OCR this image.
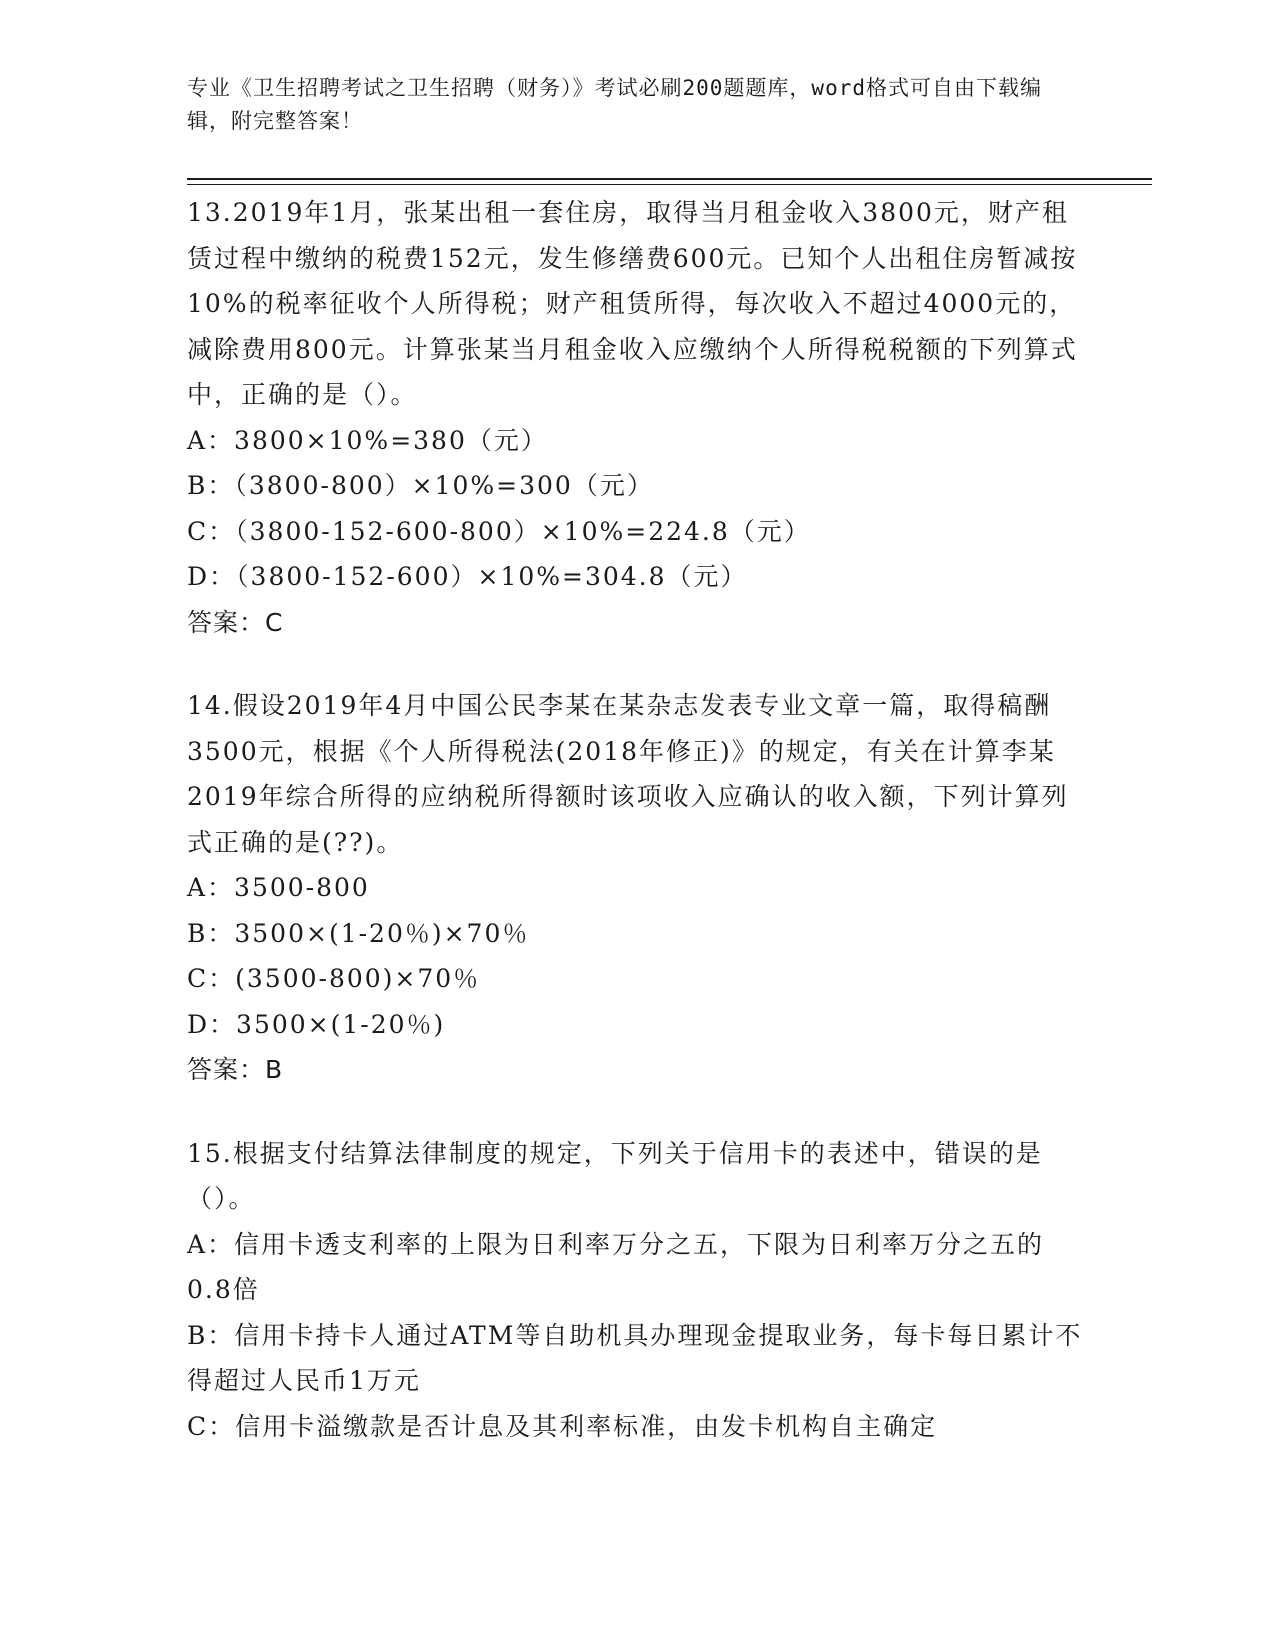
专业《卫生招聘考试之卫生招聘（财务）》考试必刷200题题库，word格式可自由下载编辑，附完整答案！
13.2019年1月，张某出租一套住房，取得当月租金收入3800元，财产租赁过程中缴纳的税费152元，发生修缮费600元。已知个人出租住房暂减按10%的税率征收个人所得税；财产租赁所得，每次收入不超过4000元的，减除费用800元。计算张某当月租金收入应缴纳个人所得税税额的下列算式中，正确的是（）。
A：3800×10%=380（元）
B：（3800-800）×10%=300（元）
C：（3800-152-600-800）×10%=224.8（元）
D：（3800-152-600）×10%=304.8（元）
答案：C
14.假设2019年4月中国公民李某在某杂志发表专业文章一篇，取得稿酬3500元，根据《个人所得税法(2018年修正)》的规定，有关在计算李某2019年综合所得的应纳税所得额时该项收入应确认的收入额，下列计算列式正确的是(??)。
A：3500-800
B：3500×(1-20％)×70％
C：(3500-800)×70％
D：3500×(1-20％)
答案：B
15.根据支付结算法律制度的规定，下列关于信用卡的表述中，错误的是（）。
A：信用卡透支利率的上限为日利率万分之五，下限为日利率万分之五的0.8倍
B：信用卡持卡人通过ATM等自助机具办理现金提取业务，每卡每日累计不得超过人民币1万元
C：信用卡溢缴款是否计息及其利率标准，由发卡机构自主确定
